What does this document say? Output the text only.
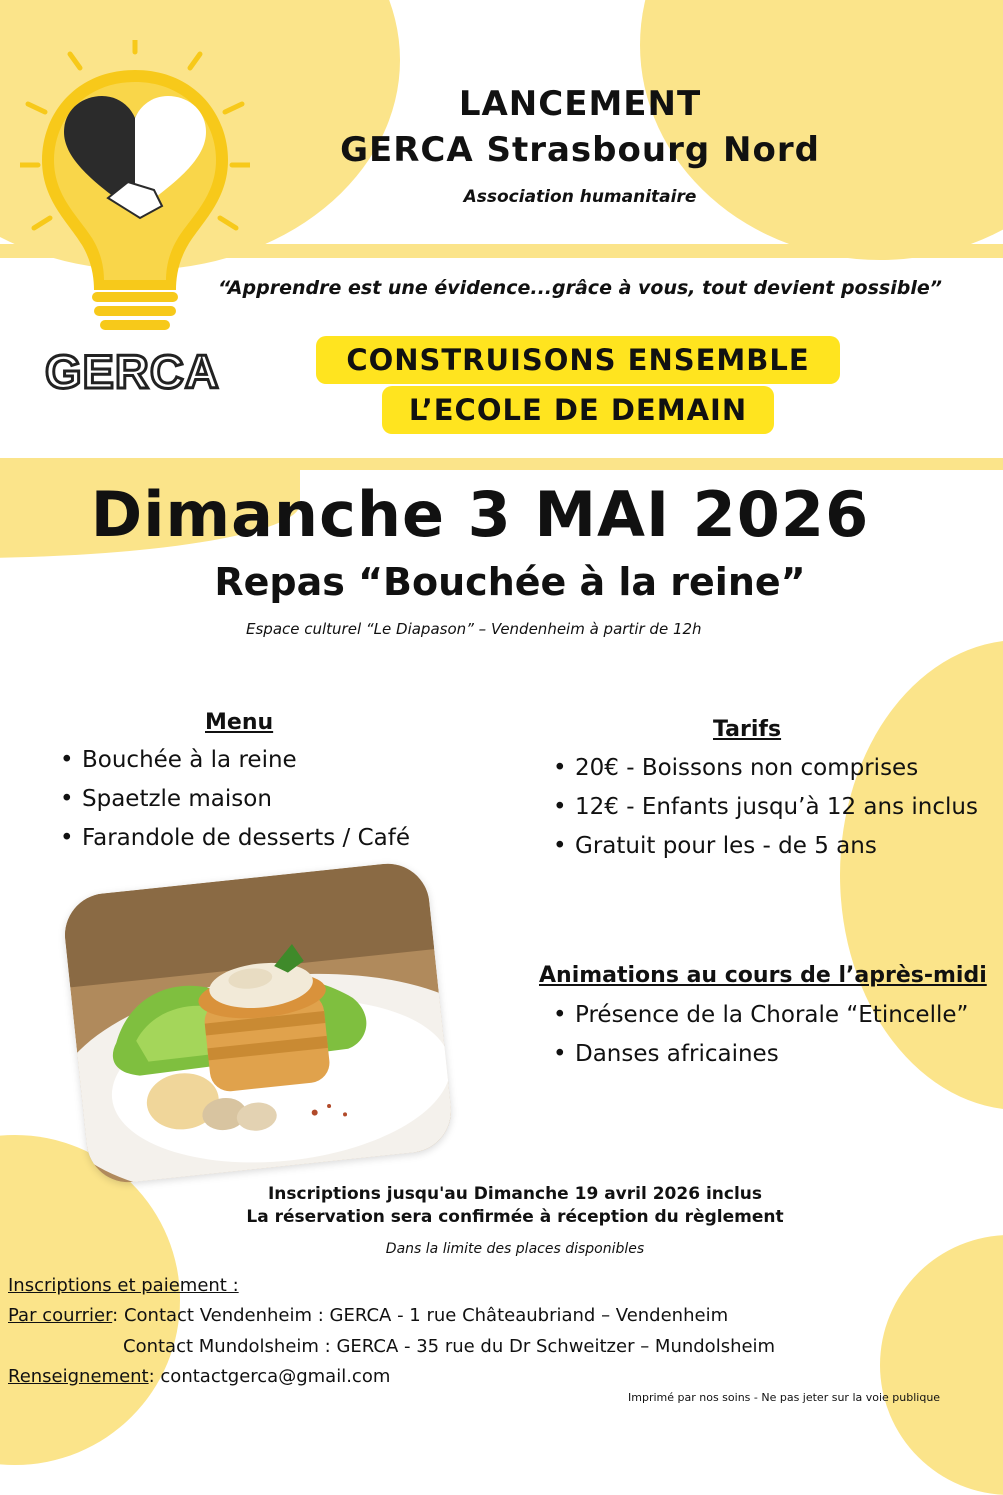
GERCA
LANCEMENT
GERCA Strasbourg Nord
Association humanitaire
“Apprendre est une évidence...grâce à vous, tout devient possible”
CONSTRUISONS ENSEMBLE
L’ECOLE DE DEMAIN
Dimanche 3 MAI 2026
Repas “Bouchée à la reine”
Espace culturel “Le Diapason” – Vendenheim à partir de 12h
Menu
• Bouchée à la reine
• Spaetzle maison
• Farandole de desserts / Café
Tarifs
• 20€ - Boissons non comprises
• 12€ - Enfants jusqu’à 12 ans inclus
• Gratuit pour les - de 5 ans
Animations au cours de l’après-midi
• Présence de la Chorale “Etincelle”
• Danses africaines
Inscriptions jusqu'au Dimanche 19 avril 2026 inclus
La réservation sera confirmée à réception du règlement
Dans la limite des places disponibles
Inscriptions et paiement :
Par courrier: Contact Vendenheim : GERCA - 1 rue Châteaubriand – Vendenheim
Contact Mundolsheim : GERCA - 35 rue du Dr Schweitzer – Mundolsheim
Renseignement: contactgerca@gmail.com
Imprimé par nos soins - Ne pas jeter sur la voie publique
